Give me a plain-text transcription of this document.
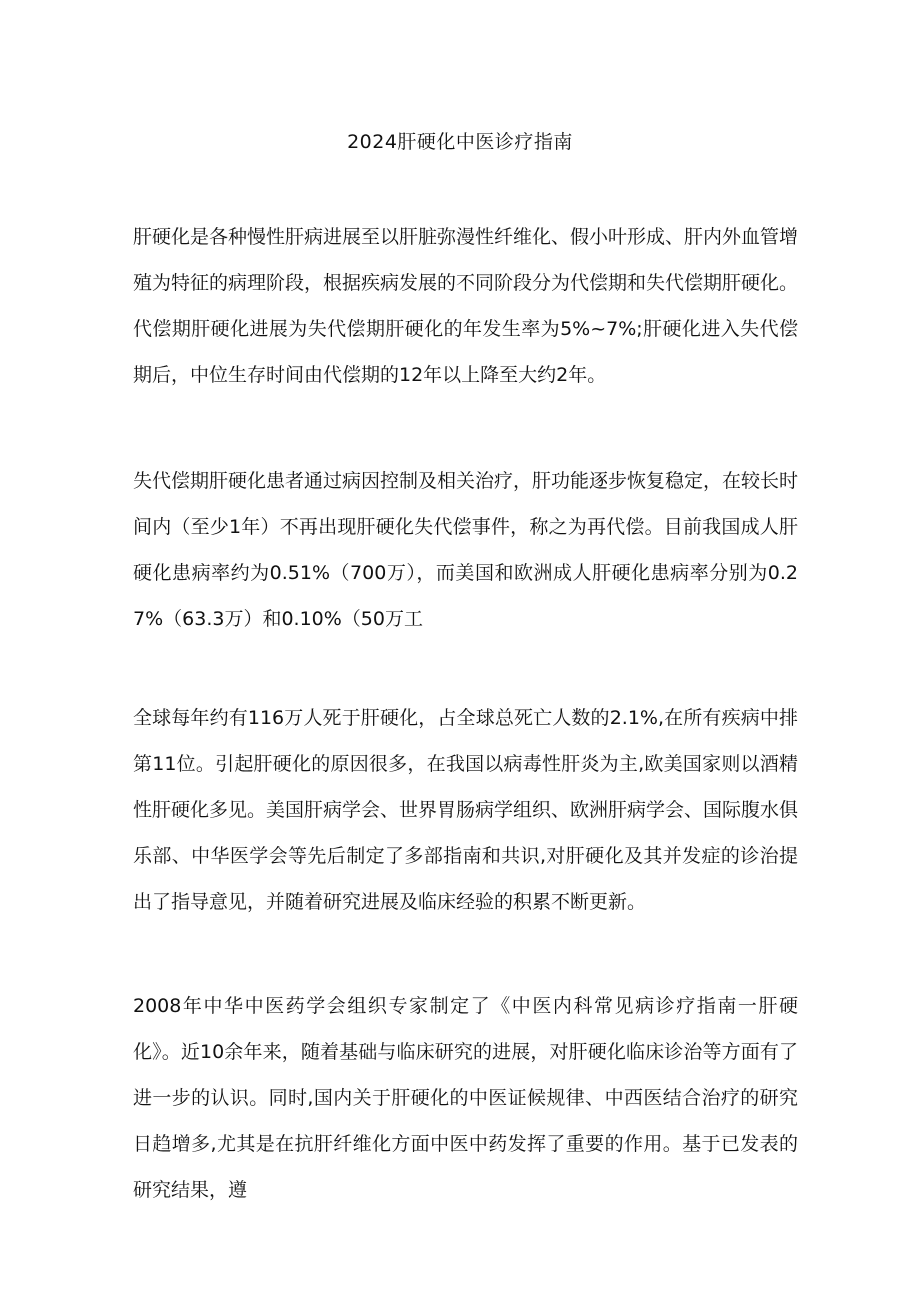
2024肝硬化中医诊疗指南
肝硬化是各种慢性肝病进展至以肝脏弥漫性纤维化、假小叶形成、肝内外血管增殖为特征的病理阶段，根据疾病发展的不同阶段分为代偿期和失代偿期肝硬化。代偿期肝硬化进展为失代偿期肝硬化的年发生率为5%~7%;肝硬化进入失代偿期后，中位生存时间由代偿期的12年以上降至大约2年。
失代偿期肝硬化患者通过病因控制及相关治疗，肝功能逐步恢复稳定，在较长时间内（至少1年）不再出现肝硬化失代偿事件，称之为再代偿。目前我国成人肝硬化患病率约为0.51%（700万），而美国和欧洲成人肝硬化患病率分别为0.27%（63.3万）和0.10%（50万工
全球每年约有116万人死于肝硬化，占全球总死亡人数的2.1%,在所有疾病中排第11位。引起肝硬化的原因很多，在我国以病毒性肝炎为主,欧美国家则以酒精性肝硬化多见。美国肝病学会、世界胃肠病学组织、欧洲肝病学会、国际腹水俱乐部、中华医学会等先后制定了多部指南和共识,对肝硬化及其并发症的诊治提出了指导意见，并随着研究进展及临床经验的积累不断更新。
2008年中华中医药学会组织专家制定了《中医内科常见病诊疗指南一肝硬化》。近10余年来，随着基础与临床研究的进展，对肝硬化临床诊治等方面有了进一步的认识。同时,国内关于肝硬化的中医证候规律、中西医结合治疗的研究日趋增多,尤其是在抗肝纤维化方面中医中药发挥了重要的作用。基于已发表的研究结果，遵
